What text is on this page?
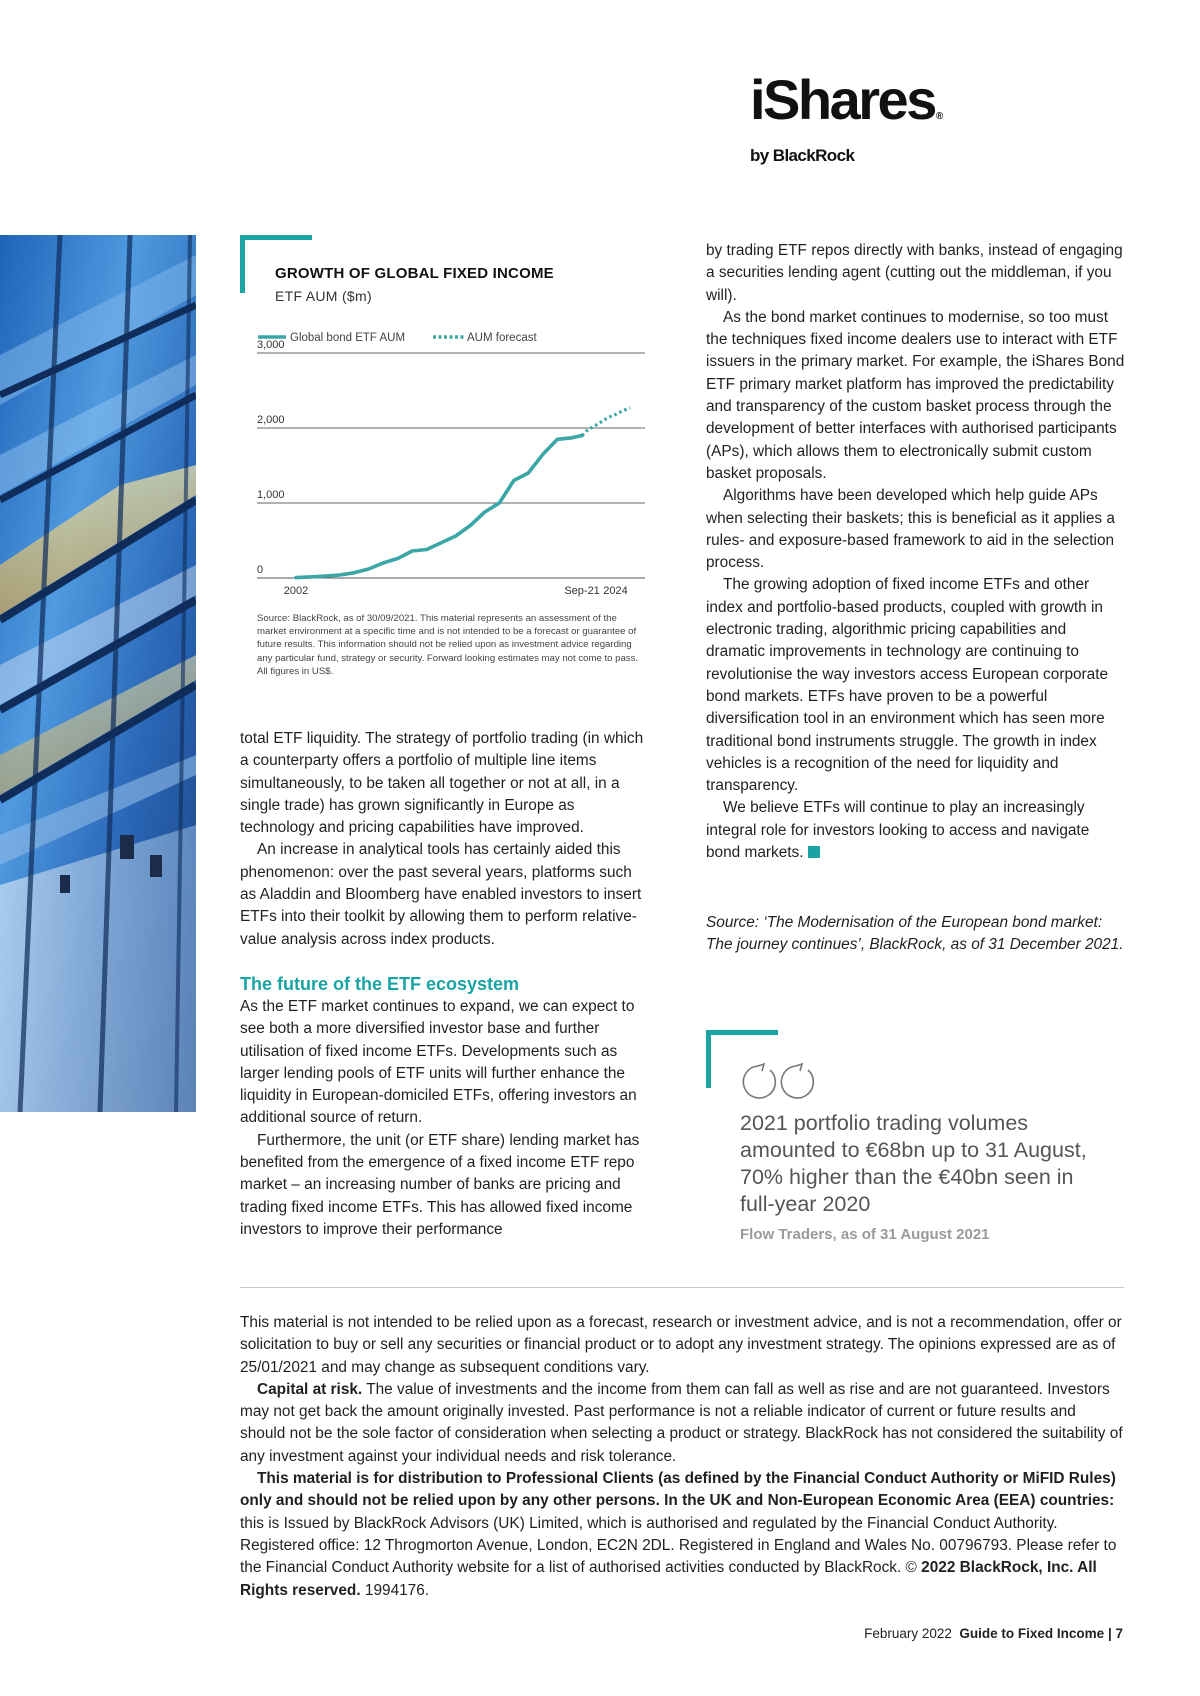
iShares®
by BlackRock
GROWTH OF GLOBAL FIXED INCOME
ETF AUM ($m)
0
1,000
2,000
3,000
2002	Sep-21 2024
Global bond ETF AUM	AUM forecast
Source: BlackRock, as of 30/09/2021. This material represents an assessment of the market environment at a specific time and is not intended to be a forecast or guarantee of future results. This information should not be relied upon as investment advice regarding any particular fund, strategy or security. Forward looking estimates may not come to pass. All figures in US$.

total ETF liquidity. The strategy of portfolio trading (in which a counterparty offers a portfolio of multiple line items simultaneously, to be taken all together or not at all, in a single trade) has grown significantly in Europe as technology and pricing capabilities have improved.

An increase in analytical tools has certainly aided this phenomenon: over the past several years, platforms such as Aladdin and Bloomberg have enabled investors to insert ETFs into their toolkit by allowing them to perform relative-value analysis across index products.

The future of the ETF ecosystem

As the ETF market continues to expand, we can expect to see both a more diversified investor base and further utilisation of fixed income ETFs. Developments such as larger lending pools of ETF units will further enhance the liquidity in European-domiciled ETFs, offering investors an additional source of return.

Furthermore, the unit (or ETF share) lending market has benefited from the emergence of a fixed income ETF repo market – an increasing number of banks are pricing and trading fixed income ETFs. This has allowed fixed income investors to improve their performance

by trading ETF repos directly with banks, instead of engaging a securities lending agent (cutting out the middleman, if you will).

As the bond market continues to modernise, so too must the techniques fixed income dealers use to interact with ETF issuers in the primary market. For example, the iShares Bond ETF primary market platform has improved the predictability and transparency of the custom basket process through the development of better interfaces with authorised participants (APs), which allows them to electronically submit custom basket proposals.

Algorithms have been developed which help guide APs when selecting their baskets; this is beneficial as it applies a rules- and exposure-based framework to aid in the selection process.

The growing adoption of fixed income ETFs and other index and portfolio-based products, coupled with growth in electronic trading, algorithmic pricing capabilities and dramatic improvements in technology are continuing to revolutionise the way investors access European corporate bond markets. ETFs have proven to be a powerful diversification tool in an environment which has seen more traditional bond instruments struggle. The growth in index vehicles is a recognition of the need for liquidity and transparency.

We believe ETFs will continue to play an increasingly integral role for investors looking to access and navigate bond markets.

Source: ‘The Modernisation of the European bond market: The journey continues’, BlackRock, as of 31 December 2021.
2021 portfolio trading volumes amounted to €68bn up to 31 August, 70% higher than the €40bn seen in full-year 2020
Flow Traders, as of 31 August 2021

This material is not intended to be relied upon as a forecast, research or investment advice, and is not a recommendation, offer or solicitation to buy or sell any securities or financial product or to adopt any investment strategy. The opinions expressed are as of 25/01/2021 and may change as subsequent conditions vary.

Capital at risk. The value of investments and the income from them can fall as well as rise and are not guaranteed. Investors may not get back the amount originally invested. Past performance is not a reliable indicator of current or future results and should not be the sole factor of consideration when selecting a product or strategy. BlackRock has not considered the suitability of any investment against your individual needs and risk tolerance.

This material is for distribution to Professional Clients (as defined by the Financial Conduct Authority or MiFID Rules) only and should not be relied upon by any other persons. In the UK and Non-European Economic Area (EEA) countries: this is Issued by BlackRock Advisors (UK) Limited, which is authorised and regulated by the Financial Conduct Authority. Registered office: 12 Throgmorton Avenue, London, EC2N 2DL. Registered in England and Wales No. 00796793. Please refer to the Financial Conduct Authority website for a list of authorised activities conducted by BlackRock. © 2022 BlackRock, Inc. All Rights reserved. 1994176.

February 2022 Guide to Fixed Income | 7
